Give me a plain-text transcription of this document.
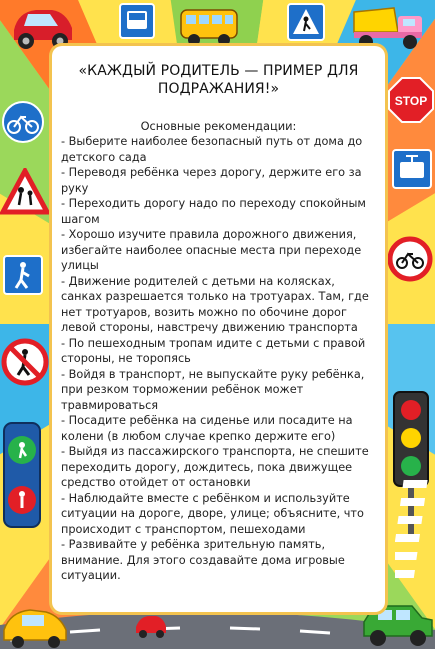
STOP
«КАЖДЫЙ РОДИТЕЛЬ — ПРИМЕР ДЛЯ ПОДРАЖАНИЯ!»
Основные рекомендации:
- Выберите наиболее безопасный путь от дома до детского сада
- Переводя ребёнка через дорогу, держите его за руку
- Переходить дорогу надо по переходу спокойным шагом
- Хорошо изучите правила дорожного движения, избегайте наиболее опасные места при переходе улицы
- Движение родителей с детьми на колясках, санках разрешается только на тротуарах. Там, где нет тротуаров, возить можно по обочине дорог левой стороны, навстречу движению транспорта
- По пешеходным тропам идите с детьми с правой стороны, не торопясь
- Войдя в транспорт, не выпускайте руку ребёнка, при резком торможении ребёнок может травмироваться
- Посадите ребёнка на сиденье или посадите на колени (в любом случае крепко держите его)
- Выйдя из пассажирского транспорта, не спешите переходить дорогу, дождитесь, пока движущее средство отойдет от остановки
- Наблюдайте вместе с ребёнком и используйте ситуации на дороге, дворе, улице; объясните, что происходит с транспортом, пешеходами
- Развивайте у ребёнка зрительную память, внимание. Для этого создавайте дома игровые ситуации.
